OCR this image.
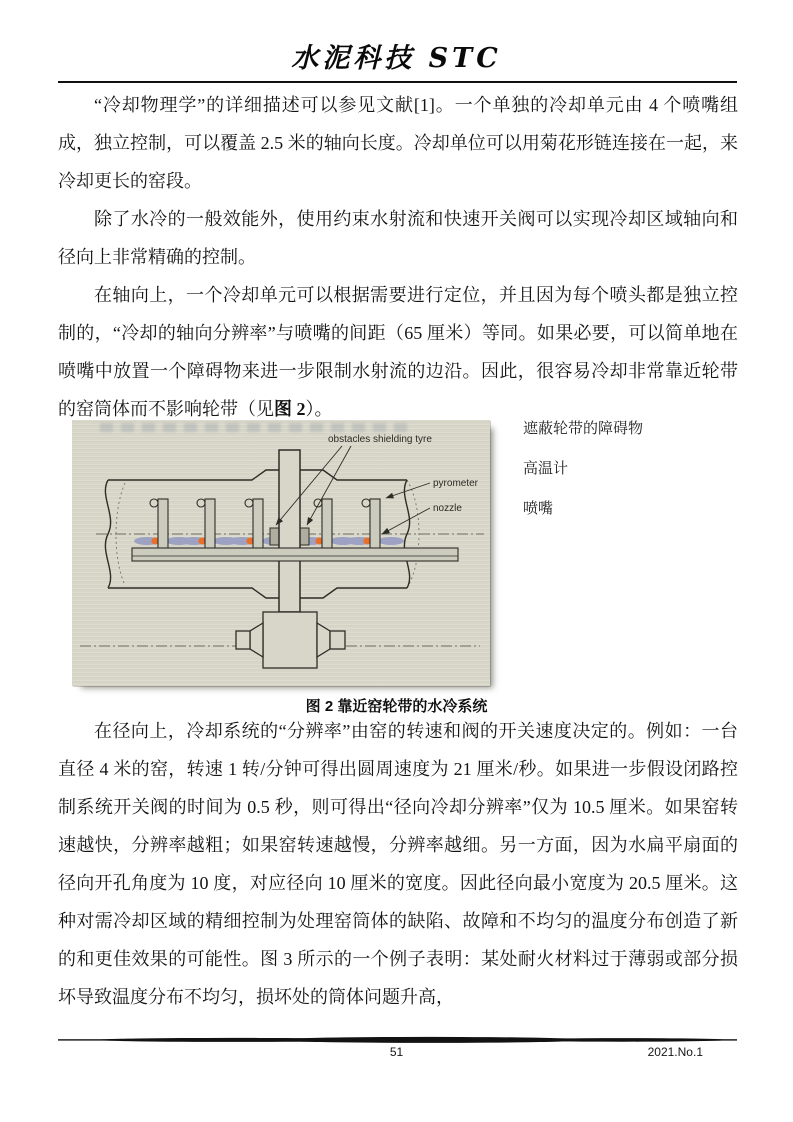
水泥科技 STC

“冷却物理学”的详细描述可以参见文献[1]。一个单独的冷却单元由 4 个喷嘴组成，独立控制，可以覆盖 2.5 米的轴向长度。冷却单位可以用菊花形链连接在一起，来冷却更长的窑段。

除了水冷的一般效能外，使用约束水射流和快速开关阀可以实现冷却区域轴向和径向上非常精确的控制。

在轴向上，一个冷却单元可以根据需要进行定位，并且因为每个喷头都是独立控制的，“冷却的轴向分辨率”与喷嘴的间距（65 厘米）等同。如果必要，可以简单地在喷嘴中放置一个障碍物来进一步限制水射流的边沿。因此，很容易冷却非常靠近轮带的窑筒体而不影响轮带（见图 2）。

obstacles shielding tyre
pyrometer
nozzle
遮蔽轮带的障碍物
高温计
喷嘴
图 2 靠近窑轮带的水冷系统

在径向上，冷却系统的“分辨率”由窑的转速和阀的开关速度决定的。例如：一台直径 4 米的窑，转速 1 转/分钟可得出圆周速度为 21 厘米/秒。如果进一步假设闭路控制系统开关阀的时间为 0.5 秒，则可得出“径向冷却分辨率”仅为 10.5 厘米。如果窑转速越快，分辨率越粗；如果窑转速越慢，分辨率越细。另一方面，因为水扁平扇面的径向开孔角度为 10 度，对应径向 10 厘米的宽度。因此径向最小宽度为 20.5 厘米。这种对需冷却区域的精细控制为处理窑筒体的缺陷、故障和不均匀的温度分布创造了新的和更佳效果的可能性。图 3 所示的一个例子表明：某处耐火材料过于薄弱或部分损坏导致温度分布不均匀，损坏处的筒体问题升高，

51	2021.No.1
